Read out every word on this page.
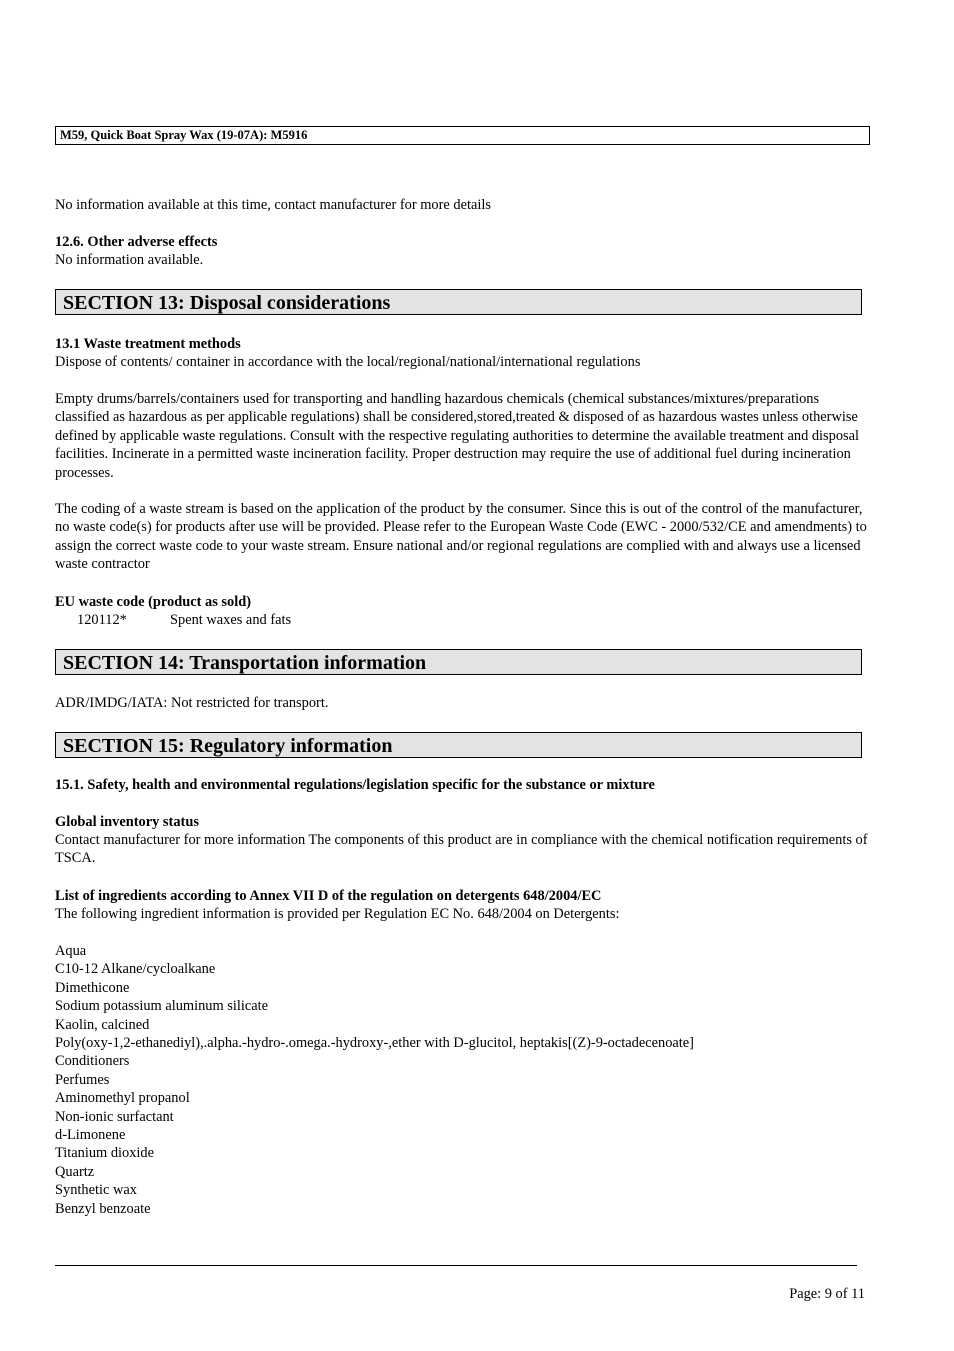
M59, Quick Boat Spray Wax (19-07A): M5916
No information available at this time, contact manufacturer for more details
12.6. Other adverse effects
No information available.
SECTION 13: Disposal considerations
13.1 Waste treatment methods
Dispose of contents/ container in accordance with the local/regional/national/international regulations
Empty drums/barrels/containers used for transporting and handling hazardous chemicals (chemical substances/mixtures/preparations classified as hazardous as per applicable regulations) shall be considered,stored,treated & disposed of as hazardous wastes unless otherwise defined by applicable waste regulations. Consult with the respective regulating authorities to determine the available treatment and disposal facilities. Incinerate in a permitted waste incineration facility. Proper destruction may require the use of additional fuel during incineration processes.
The coding of a waste stream is based on the application of the product by the consumer. Since this is out of the control of the manufacturer, no waste code(s) for products after use will be provided. Please refer to the European Waste Code (EWC - 2000/532/CE and amendments) to assign the correct waste code to your waste stream. Ensure national and/or regional regulations are complied with and always use a licensed waste contractor
EU waste code (product as sold)
120112*	Spent waxes and fats
SECTION 14: Transportation information
ADR/IMDG/IATA: Not restricted for transport.
SECTION 15: Regulatory information
15.1. Safety, health and environmental regulations/legislation specific for the substance or mixture
Global inventory status
Contact manufacturer for more information The components of this product are in compliance with the chemical notification requirements of TSCA.
List of ingredients according to Annex VII D of the regulation on detergents 648/2004/EC
The following ingredient information is provided per Regulation EC No. 648/2004 on Detergents:
Aqua
C10-12 Alkane/cycloalkane
Dimethicone
Sodium potassium aluminum silicate
Kaolin, calcined
Poly(oxy-1,2-ethanediyl),.alpha.-hydro-.omega.-hydroxy-,ether with D-glucitol, heptakis[(Z)-9-octadecenoate]
Conditioners
Perfumes
Aminomethyl propanol
Non-ionic surfactant
d-Limonene
Titanium dioxide
Quartz
Synthetic wax
Benzyl benzoate
Page: 9 of 11
